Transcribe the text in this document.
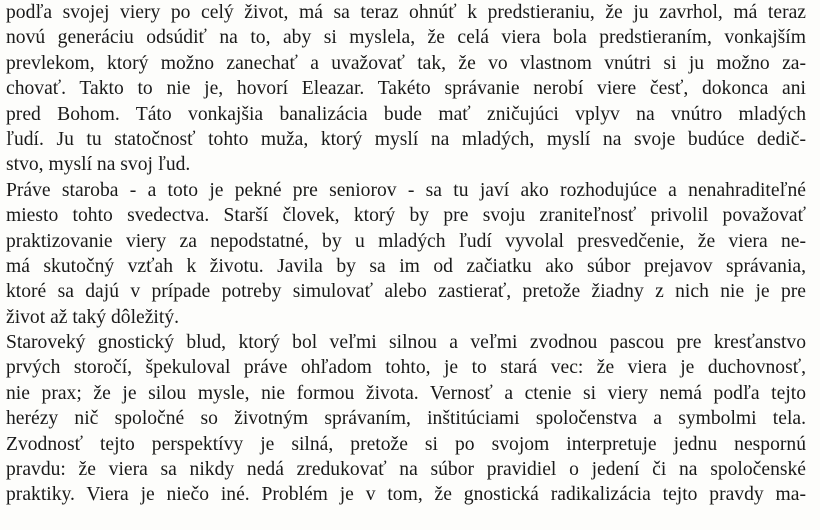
podľa svojej viery po celý život, má sa teraz ohnúť k predstieraniu, že ju zavrhol, má teraz
novú generáciu odsúdiť na to, aby si myslela, že celá viera bola predstieraním, vonkajším
prevlekom, ktorý možno zanechať a uvažovať tak, že vo vlastnom vnútri si ju možno za-
chovať. Takto to nie je, hovorí Eleazar. Takéto správanie nerobí viere česť, dokonca ani
pred Bohom. Táto vonkajšia banalizácia bude mať zničujúci vplyv na vnútro mladých
ľudí. Ju tu statočnosť tohto muža, ktorý myslí na mladých, myslí na svoje budúce dedič-
stvo, myslí na svoj ľud.
Práve staroba - a toto je pekné pre seniorov - sa tu javí ako rozhodujúce a nenahraditeľné
miesto tohto svedectva. Starší človek, ktorý by pre svoju zraniteľnosť privolil považovať
praktizovanie viery za nepodstatné, by u mladých ľudí vyvolal presvedčenie, že viera ne-
má skutočný vzťah k životu. Javila by sa im od začiatku ako súbor prejavov správania,
ktoré sa dajú v prípade potreby simulovať alebo zastierať, pretože žiadny z nich nie je pre
život až taký dôležitý.
Staroveký gnostický blud, ktorý bol veľmi silnou a veľmi zvodnou pascou pre kresťanstvo
prvých storočí, špekuloval práve ohľadom tohto, je to stará vec: že viera je duchovnosť,
nie prax; že je silou mysle, nie formou života. Vernosť a ctenie si viery nemá podľa tejto
herézy nič spoločné so životným správaním, inštitúciami spoločenstva a symbolmi tela.
Zvodnosť tejto perspektívy je silná, pretože si po svojom interpretuje jednu nespornú
pravdu: že viera sa nikdy nedá zredukovať na súbor pravidiel o jedení či na spoločenské
praktiky. Viera je niečo iné. Problém je v tom, že gnostická radikalizácia tejto pravdy ma-
